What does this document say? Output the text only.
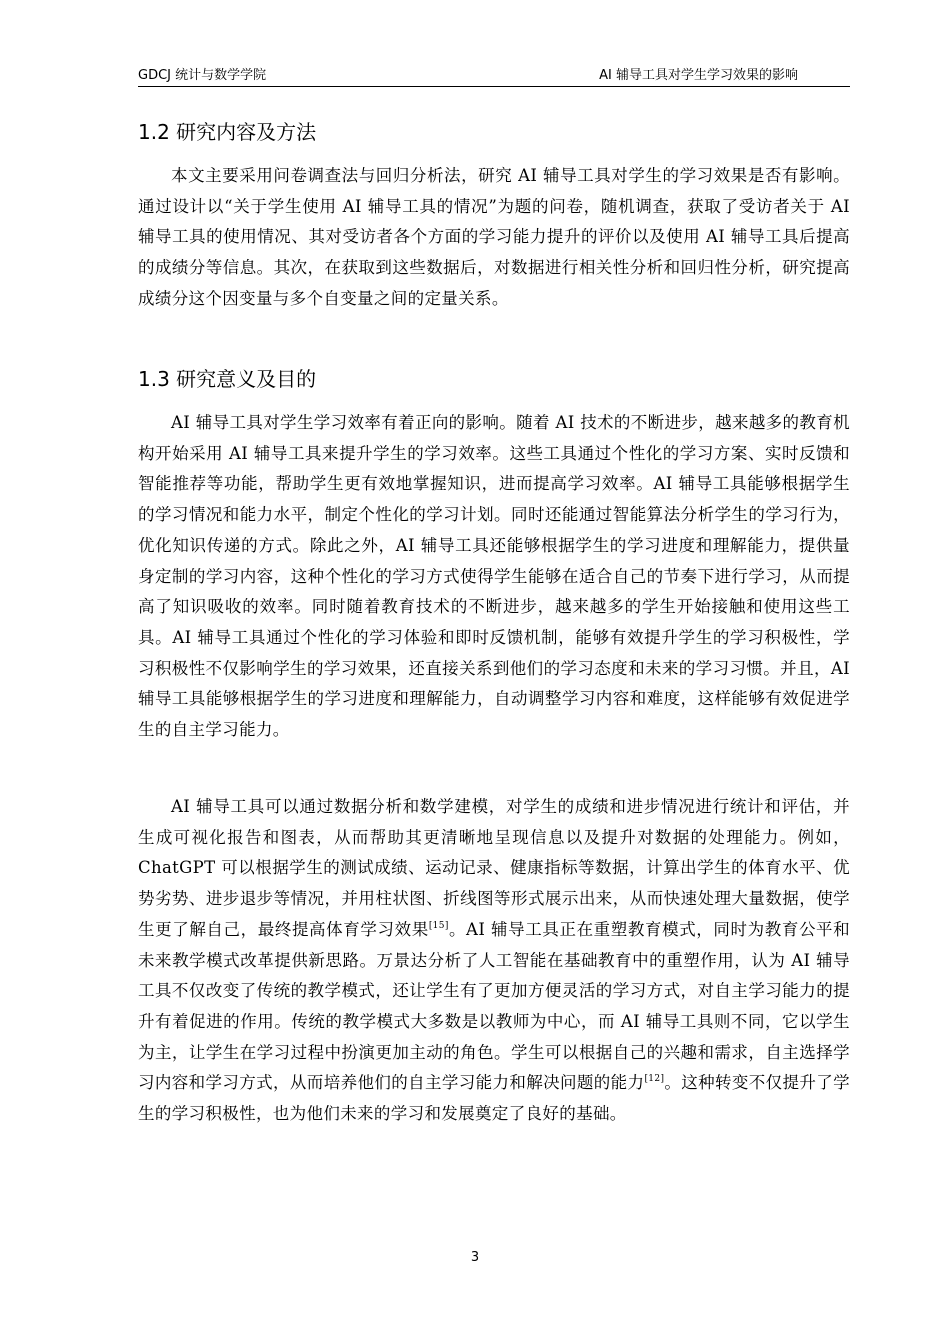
GDCJ 统计与数学学院	AI 辅导工具对学生学习效果的影响
1.2 研究内容及方法

本文主要采用问卷调查法与回归分析法，研究 AI 辅导工具对学生的学习效果是否有影响。通过设计以“关于学生使用 AI 辅导工具的情况”为题的问卷，随机调查，获取了受访者关于 AI 辅导工具的使用情况、其对受访者各个方面的学习能力提升的评价以及使用 AI 辅导工具后提高的成绩分等信息。其次，在获取到这些数据后，对数据进行相关性分析和回归性分析，研究提高成绩分这个因变量与多个自变量之间的定量关系。

1.3 研究意义及目的

AI 辅导工具对学生学习效率有着正向的影响。随着 AI 技术的不断进步，越来越多的教育机构开始采用 AI 辅导工具来提升学生的学习效率。这些工具通过个性化的学习方案、实时反馈和智能推荐等功能，帮助学生更有效地掌握知识，进而提高学习效率。AI 辅导工具能够根据学生的学习情况和能力水平，制定个性化的学习计划。同时还能通过智能算法分析学生的学习行为，优化知识传递的方式。除此之外，AI 辅导工具还能够根据学生的学习进度和理解能力，提供量身定制的学习内容，这种个性化的学习方式使得学生能够在适合自己的节奏下进行学习，从而提高了知识吸收的效率。同时随着教育技术的不断进步，越来越多的学生开始接触和使用这些工具。AI 辅导工具通过个性化的学习体验和即时反馈机制，能够有效提升学生的学习积极性，学习积极性不仅影响学生的学习效果，还直接关系到他们的学习态度和未来的学习习惯。并且，AI 辅导工具能够根据学生的学习进度和理解能力，自动调整学习内容和难度，这样能够有效促进学生的自主学习能力。

AI 辅导工具可以通过数据分析和数学建模，对学生的成绩和进步情况进行统计和评估，并生成可视化报告和图表，从而帮助其更清晰地呈现信息以及提升对数据的处理能力。例如，ChatGPT 可以根据学生的测试成绩、运动记录、健康指标等数据，计算出学生的体育水平、优势劣势、进步退步等情况，并用柱状图、折线图等形式展示出来，从而快速处理大量数据，使学生更了解自己，最终提高体育学习效果[15]。AI 辅导工具正在重塑教育模式，同时为教育公平和未来教学模式改革提供新思路。万景达分析了人工智能在基础教育中的重塑作用，认为 AI 辅导工具不仅改变了传统的教学模式，还让学生有了更加方便灵活的学习方式，对自主学习能力的提升有着促进的作用。传统的教学模式大多数是以教师为中心，而 AI 辅导工具则不同，它以学生为主，让学生在学习过程中扮演更加主动的角色。学生可以根据自己的兴趣和需求，自主选择学习内容和学习方式，从而培养他们的自主学习能力和解决问题的能力[12]。这种转变不仅提升了学生的学习积极性，也为他们未来的学习和发展奠定了良好的基础。

3
